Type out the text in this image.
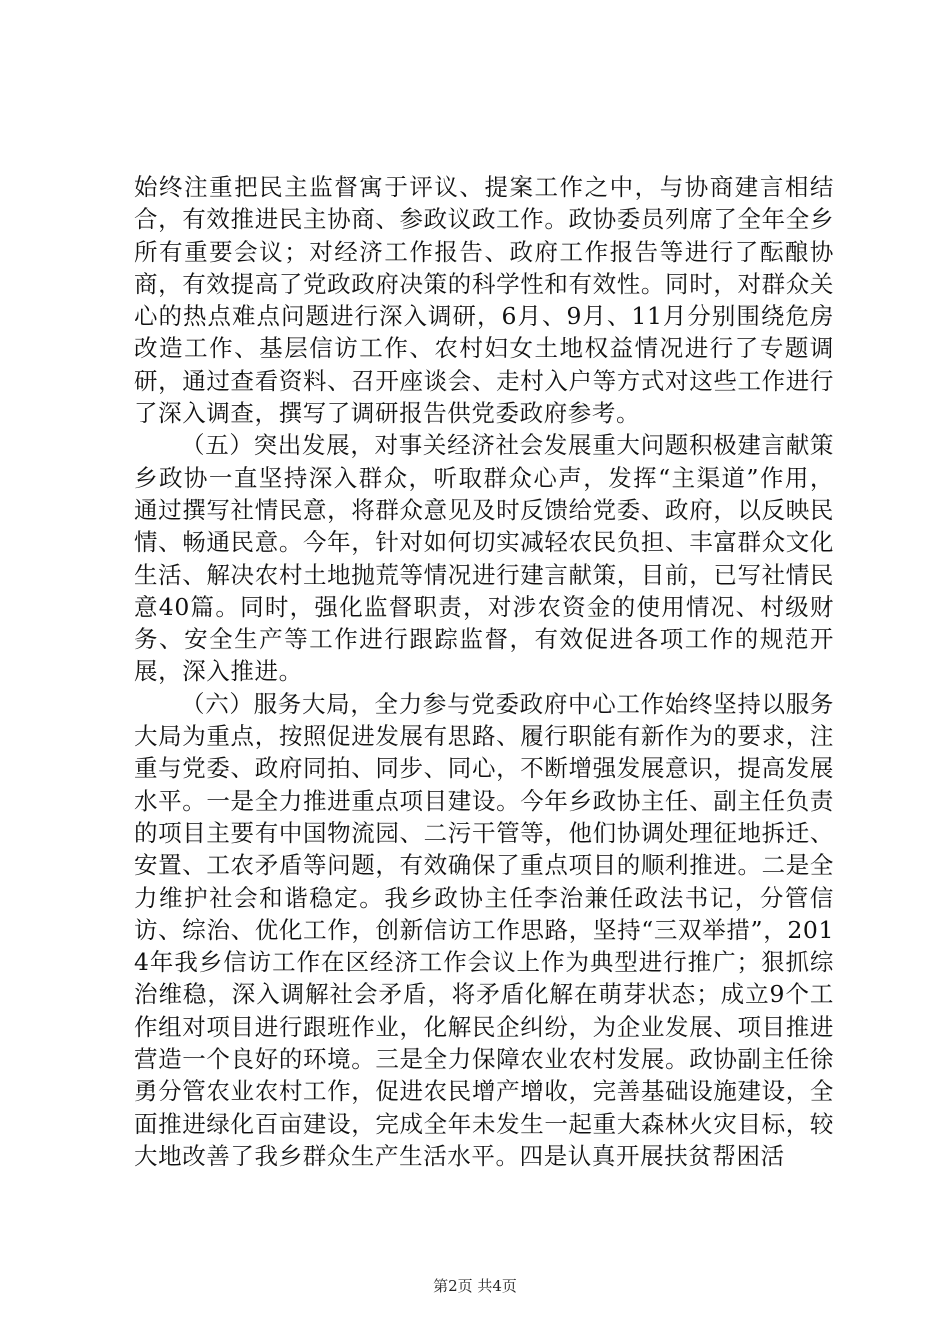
始终注重把民主监督寓于评议、提案工作之中，与协商建言相结合，有效推进民主协商、参政议政工作。政协委员列席了全年全乡所有重要会议；对经济工作报告、政府工作报告等进行了酝酿协商，有效提高了党政政府决策的科学性和有效性。同时，对群众关心的热点难点问题进行深入调研，6月、9月、11月分别围绕危房改造工作、基层信访工作、农村妇女土地权益情况进行了专题调研，通过查看资料、召开座谈会、走村入户等方式对这些工作进行了深入调查，撰写了调研报告供党委政府参考。

（五）突出发展，对事关经济社会发展重大问题积极建言献策乡政协一直坚持深入群众，听取群众心声，发挥“主渠道”作用，通过撰写社情民意，将群众意见及时反馈给党委、政府，以反映民情、畅通民意。今年，针对如何切实减轻农民负担、丰富群众文化生活、解决农村土地抛荒等情况进行建言献策，目前，已写社情民意40篇。同时，强化监督职责，对涉农资金的使用情况、村级财务、安全生产等工作进行跟踪监督，有效促进各项工作的规范开展，深入推进。

（六）服务大局，全力参与党委政府中心工作始终坚持以服务大局为重点，按照促进发展有思路、履行职能有新作为的要求，注重与党委、政府同拍、同步、同心，不断增强发展意识，提高发展水平。一是全力推进重点项目建设。今年乡政协主任、副主任负责的项目主要有中国物流园、二污干管等，他们协调处理征地拆迁、安置、工农矛盾等问题，有效确保了重点项目的顺利推进。二是全力维护社会和谐稳定。我乡政协主任李治兼任政法书记，分管信访、综治、优化工作，创新信访工作思路，坚持“三双举措”，2014年我乡信访工作在区经济工作会议上作为典型进行推广；狠抓综治维稳，深入调解社会矛盾，将矛盾化解在萌芽状态；成立9个工作组对项目进行跟班作业，化解民企纠纷，为企业发展、项目推进营造一个良好的环境。三是全力保障农业农村发展。政协副主任徐勇分管农业农村工作，促进农民增产增收，完善基础设施建设，全面推进绿化百亩建设，完成全年未发生一起重大森林火灾目标，较大地改善了我乡群众生产生活水平。四是认真开展扶贫帮困活

第2页 共4页
